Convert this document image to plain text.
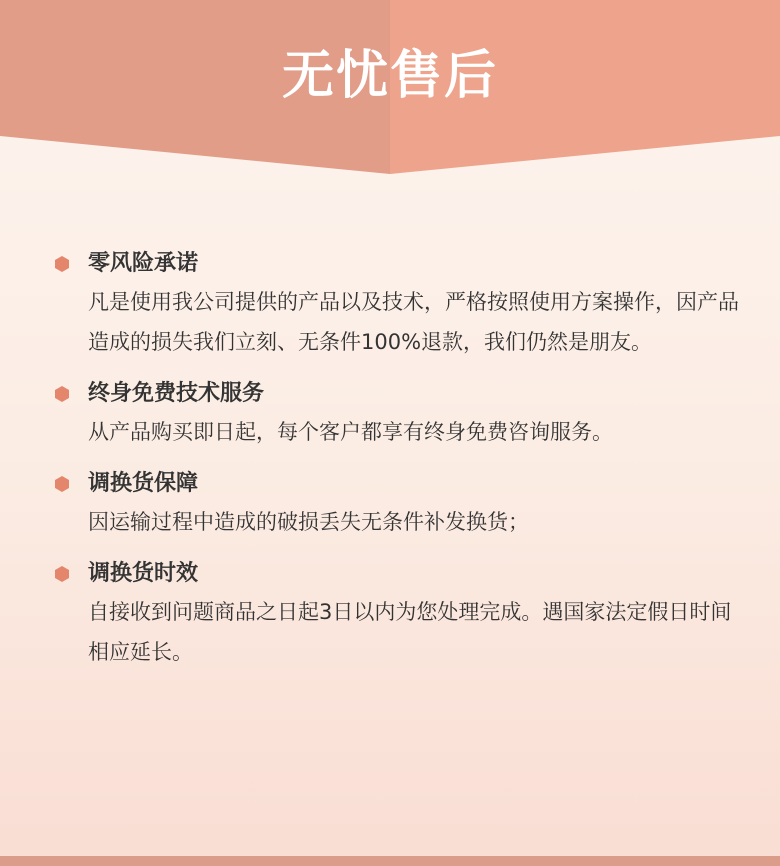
无忧售后

零风险承诺

凡是使用我公司提供的产品以及技术，严格按照使用方案操作，因产品造成的损失我们立刻、无条件100%退款，我们仍然是朋友。

终身免费技术服务

从产品购买即日起，每个客户都享有终身免费咨询服务。

调换货保障

因运输过程中造成的破损丢失无条件补发换货；

调换货时效

自接收到问题商品之日起3日以内为您处理完成。遇国家法定假日时间相应延长。
